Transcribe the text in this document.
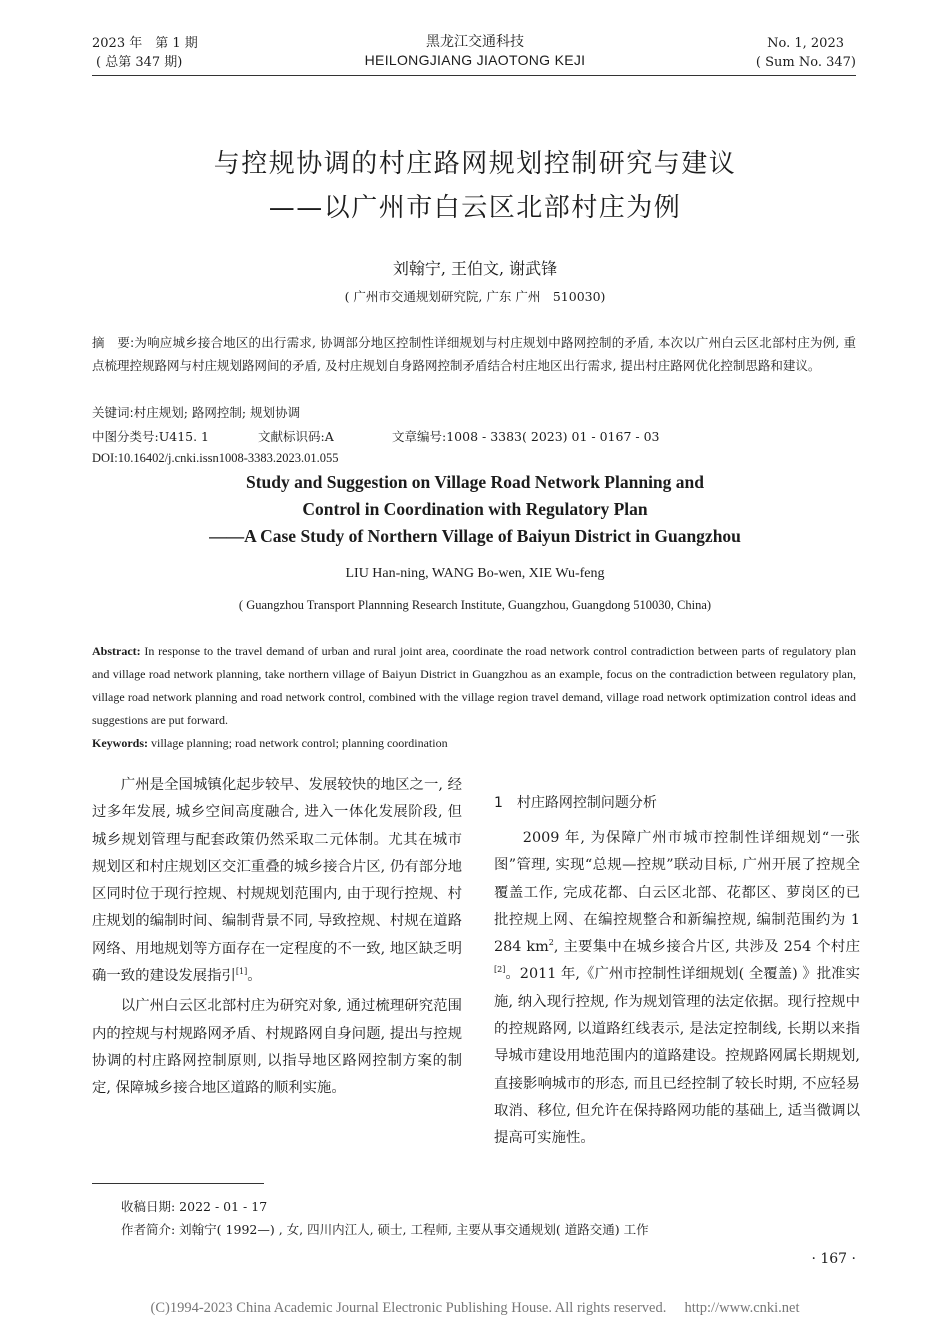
2023 年　第 1 期
( 总第 347 期)
黑龙江交通科技
HEILONGJIANG JIAOTONG KEJI
No. 1, 2023
( Sum No. 347)
与控规协调的村庄路网规划控制研究与建议
——以广州市白云区北部村庄为例
刘翰宁, 王伯文, 谢武锋
( 广州市交通规划研究院, 广东 广州　510030)
摘　要:为响应城乡接合地区的出行需求, 协调部分地区控制性详细规划与村庄规划中路网控制的矛盾, 本次以广州白云区北部村庄为例, 重点梳理控规路网与村庄规划路网间的矛盾, 及村庄规划自身路网控制矛盾结合村庄地区出行需求, 提出村庄路网优化控制思路和建议。
关键词:村庄规划; 路网控制; 规划协调
中图分类号:U415. 1	文献标识码:A	文章编号:1008 - 3383( 2023) 01 - 0167 - 03
DOI:10.16402/j.cnki.issn1008-3383.2023.01.055
Study and Suggestion on Village Road Network Planning and
Control in Coordination with Regulatory Plan
——A Case Study of Northern Village of Baiyun District in Guangzhou
LIU Han-ning, WANG Bo-wen, XIE Wu-feng
( Guangzhou Transport Plannning Research Institute, Guangzhou, Guangdong 510030, China)
Abstract: In response to the travel demand of urban and rural joint area, coordinate the road network control contradiction between parts of regulatory plan and village road network planning, take northern village of Baiyun District in Guangzhou as an example, focus on the contradiction between regulatory plan, village road network planning and road network control, combined with the village region travel demand, village road network optimization control ideas and suggestions are put forward.
Keywords: village planning; road network control; planning coordination

广州是全国城镇化起步较早、发展较快的地区之一, 经过多年发展, 城乡空间高度融合, 进入一体化发展阶段, 但城乡规划管理与配套政策仍然采取二元体制。尤其在城市规划区和村庄规划区交汇重叠的城乡接合片区, 仍有部分地区同时位于现行控规、村规规划范围内, 由于现行控规、村庄规划的编制时间、编制背景不同, 导致控规、村规在道路网络、用地规划等方面存在一定程度的不一致, 地区缺乏明确一致的建设发展指引[1]。

以广州白云区北部村庄为研究对象, 通过梳理研究范围内的控规与村规路网矛盾、村规路网自身问题, 提出与控规协调的村庄路网控制原则, 以指导地区路网控制方案的制定, 保障城乡接合地区道路的顺利实施。

1　村庄路网控制问题分析

2009 年, 为保障广州市城市控制性详细规划“一张图”管理, 实现“总规—控规”联动目标, 广州开展了控规全覆盖工作, 完成花都、白云区北部、花都区、萝岗区的已批控规上网、在编控规整合和新编控规, 编制范围约为 1 284 $km^2$, 主要集中在城乡接合片区, 共涉及 254 个村庄[2]。2011 年,《广州市控制性详细规划( 全覆盖) 》批准实施, 纳入现行控规, 作为规划管理的法定依据。现行控规中的控规路网, 以道路红线表示, 是法定控制线, 长期以来指导城市建设用地范围内的道路建设。控规路网属长期规划, 直接影响城市的形态, 而且已经控制了较长时期, 不应轻易取消、移位, 但允许在保持路网功能的基础上, 适当微调以提高可实施性。

收稿日期: 2022 - 01 - 17
作者简介: 刘翰宁( 1992—) , 女, 四川内江人, 硕士, 工程师, 主要从事交通规划( 道路交通) 工作
· 167 ·
(C)1994-2023 China Academic Journal Electronic Publishing House. All rights reserved.　 http://www.cnki.net
